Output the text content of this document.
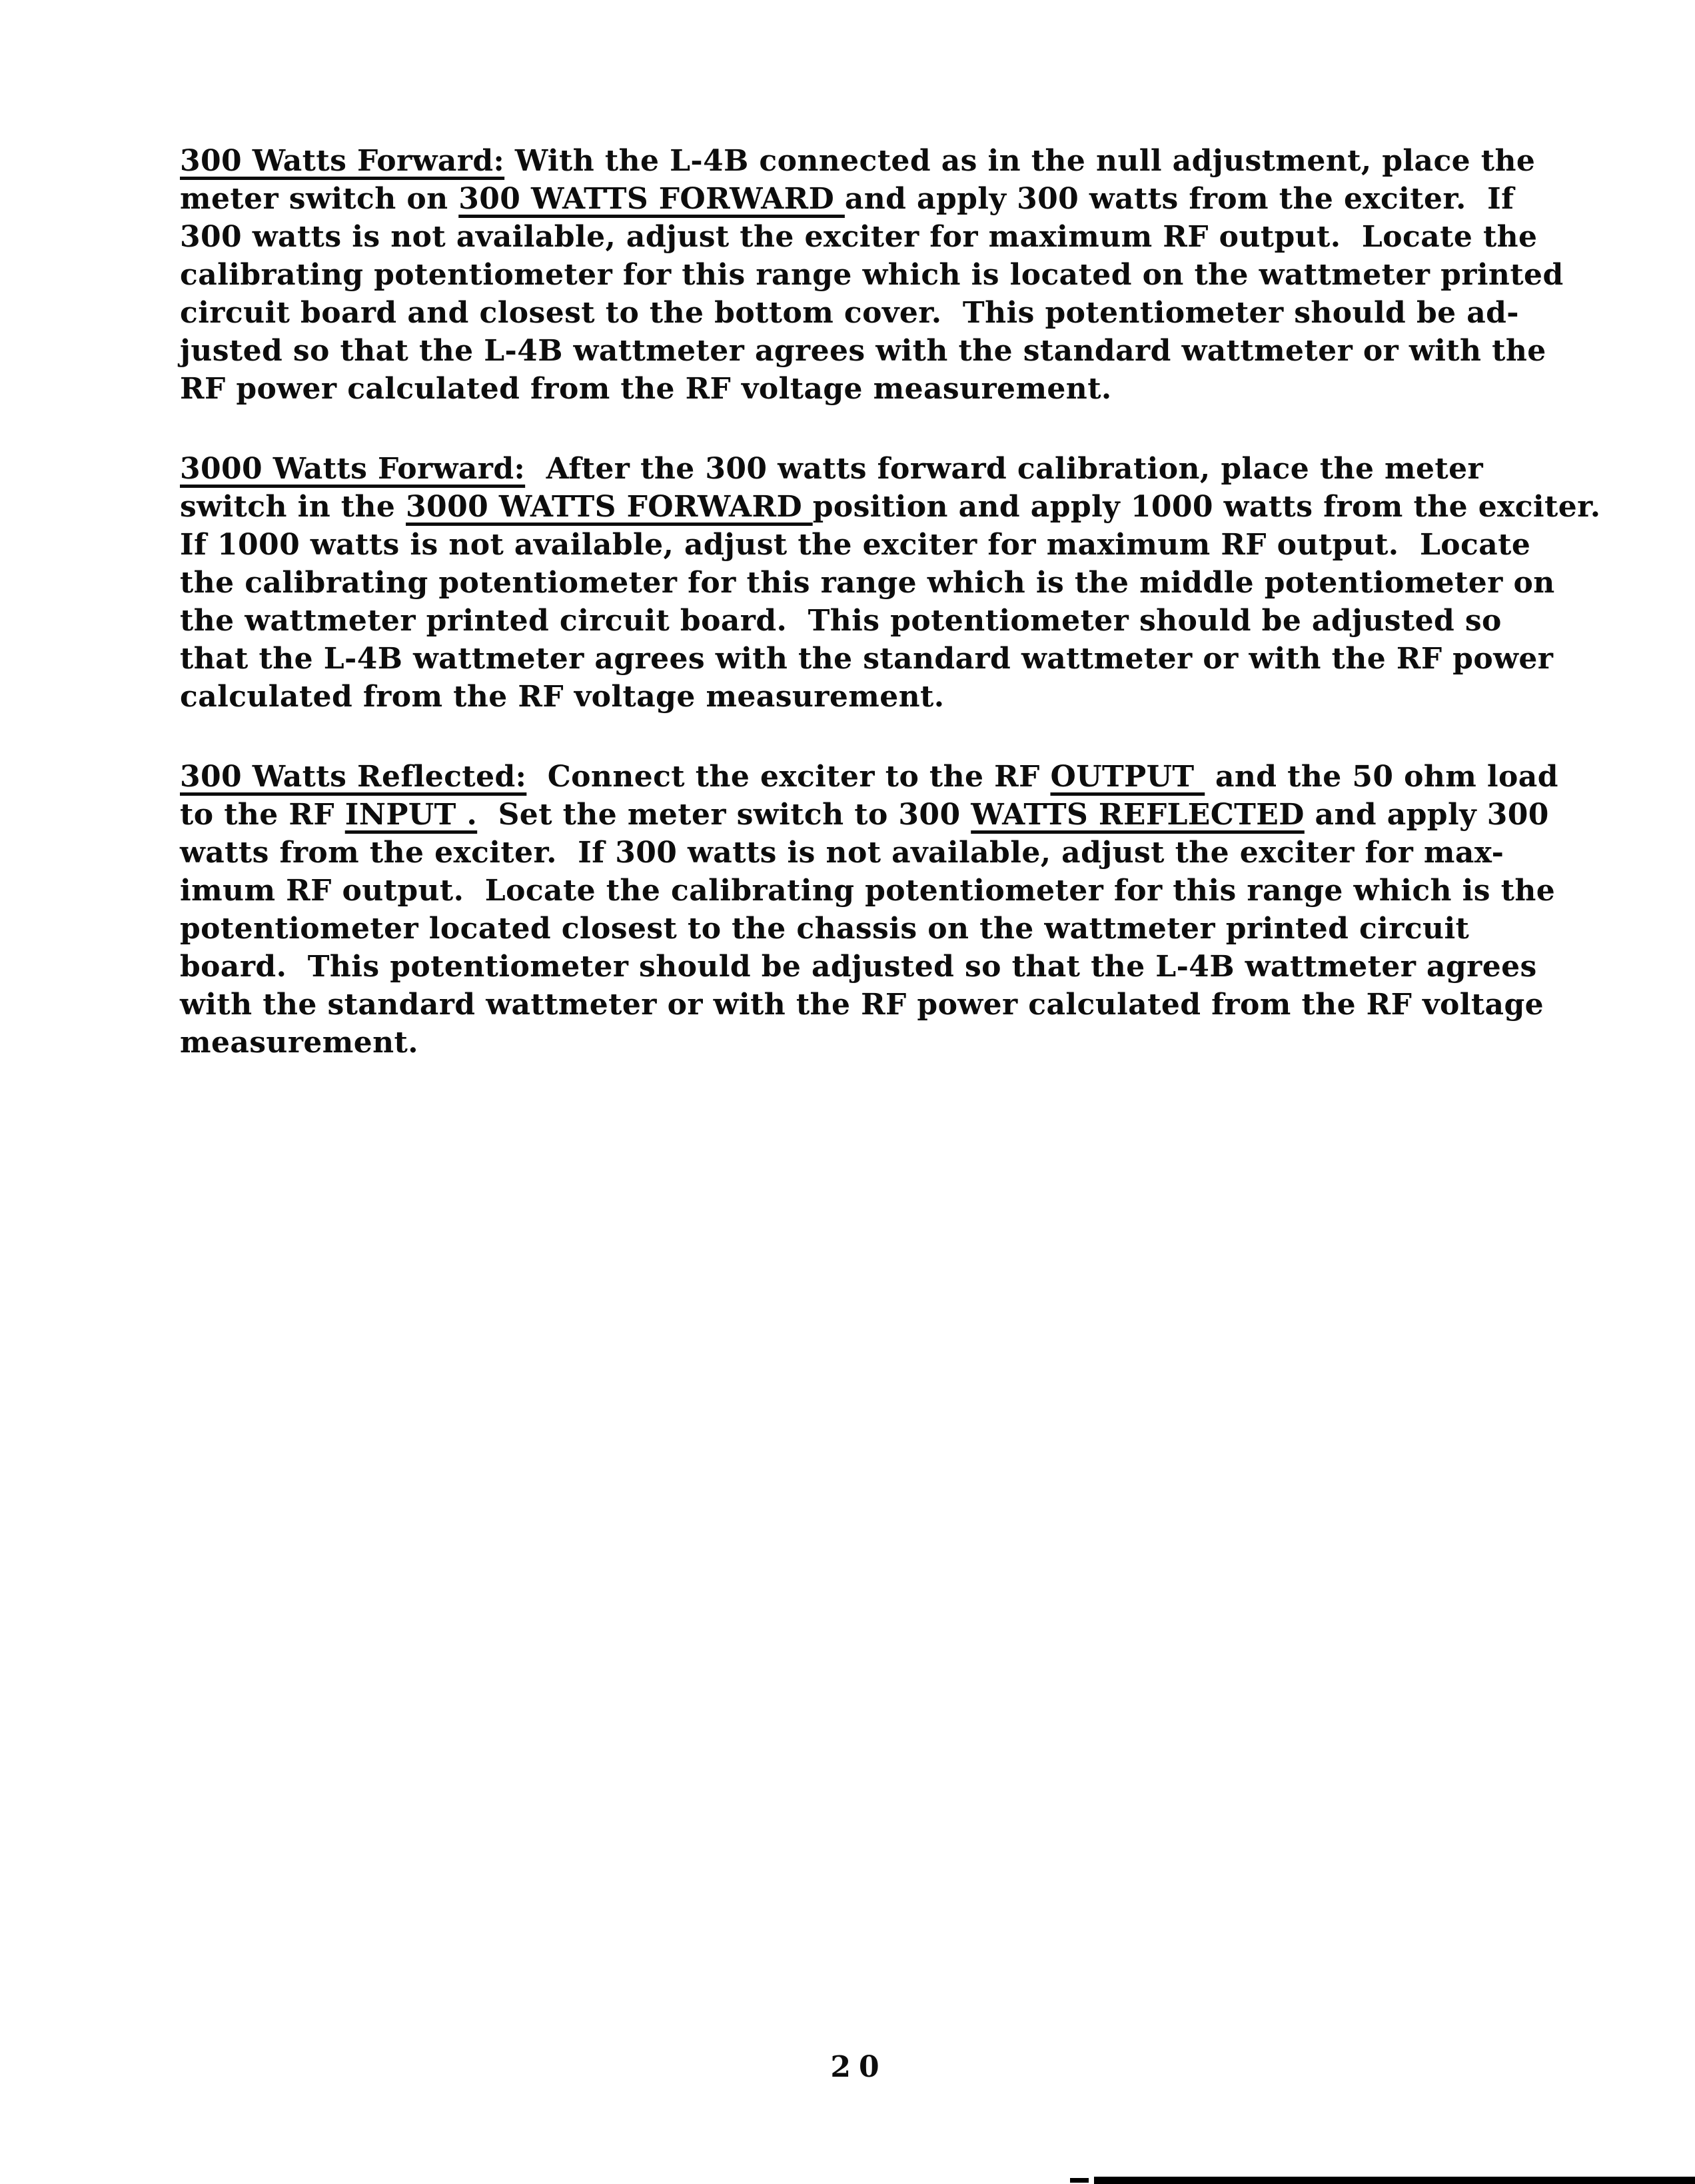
300 Watts Forward: With the L-4B connected as in the null adjustment, place the
meter switch on 300 WATTS FORWARD and apply 300 watts from the exciter.  If
300 watts is not available, adjust the exciter for maximum RF output.  Locate the
calibrating potentiometer for this range which is located on the wattmeter printed
circuit board and closest to the bottom cover.  This potentiometer should be ad-
justed so that the L-4B wattmeter agrees with the standard wattmeter or with the
RF power calculated from the RF voltage measurement.
3000 Watts Forward:  After the 300 watts forward calibration, place the meter
switch in the 3000 WATTS FORWARD position and apply 1000 watts from the exciter.
If 1000 watts is not available, adjust the exciter for maximum RF output.  Locate
the calibrating potentiometer for this range which is the middle potentiometer on
the wattmeter printed circuit board.  This potentiometer should be adjusted so
that the L-4B wattmeter agrees with the standard wattmeter or with the RF power
calculated from the RF voltage measurement.
300 Watts Reflected:  Connect the exciter to the RF OUTPUT  and the 50 ohm load
to the RF INPUT .  Set the meter switch to 300 WATTS REFLECTED and apply 300
watts from the exciter.  If 300 watts is not available, adjust the exciter for max-
imum RF output.  Locate the calibrating potentiometer for this range which is the
potentiometer located closest to the chassis on the wattmeter printed circuit
board.  This potentiometer should be adjusted so that the L-4B wattmeter agrees
with the standard wattmeter or with the RF power calculated from the RF voltage
measurement.
20
